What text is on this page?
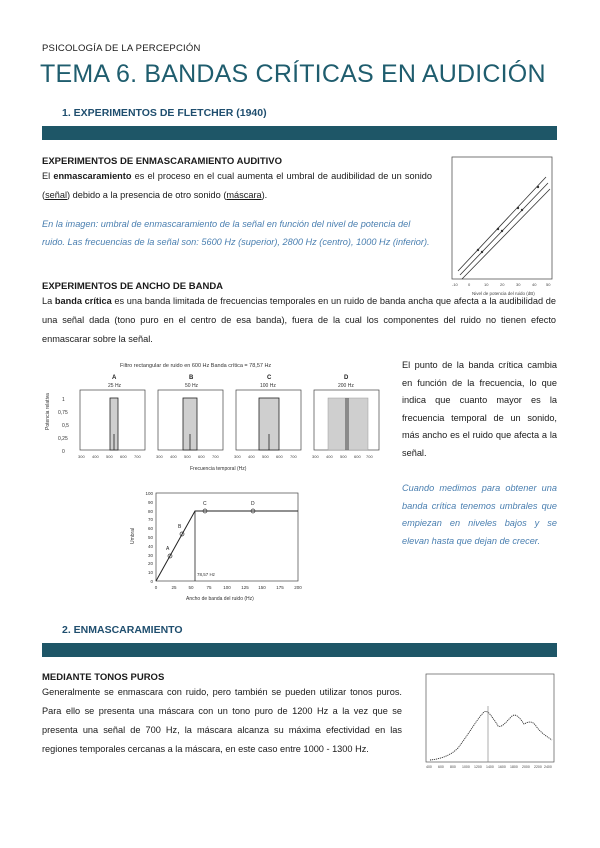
PSICOLOGÍA DE LA PERCEPCIÓN
TEMA 6. BANDAS CRÍTICAS EN AUDICIÓN
1. EXPERIMENTOS DE FLETCHER (1940)
EXPERIMENTOS DE ENMASCARAMIENTO AUDITIVO
El enmascaramiento es el proceso en el cual aumenta el umbral de audibilidad de un sonido (señal) debido a la presencia de otro sonido (máscara).
En la imagen: umbral de enmascaramiento de la señal en función del nivel de potencia del ruido. Las frecuencias de la señal son: 5600 Hz (superior), 2800 Hz (centro), 1000 Hz (inferior).
-10	0	10	20	30	40 50
Nivel de potencia del ruido (dB)
EXPERIMENTOS DE ANCHO DE BANDA
La banda crítica es una banda limitada de frecuencias temporales en un ruido de banda ancha que afecta a la audibilidad de una señal dada (tono puro en el centro de esa banda), fuera de la cual los componentes del ruido no tienen efecto enmascarar sobre la señal.
Filtro rectangular de ruido en 600 Hz Banda crítica = 78,57 Hz
Potencia relativa 1
0,75
0,5
0,25
0
A
25 Hz
300 400 500 600 700
B
50 Hz
300 400 500 600 700
C
100 Hz
300 400 500 600 700
D
200 Hz
300 400 500 600 700
Frecuencia temporal (Hz)
Umbral
100
90
80
70
60
50
40
30
20
10
0
78,57 Hz
A
B
C	D
0	25	50	75	100 125 150 175 200
Ancho de banda del ruido (Hz)
El punto de la banda crítica cambia en función de la frecuencia, lo que indica que cuanto mayor es la frecuencia temporal de un sonido, más ancho es el ruido que afecta a la señal.
Cuando medimos para obtener una banda crítica tenemos umbrales que empiezan en niveles bajos y se elevan hasta que dejan de crecer.
2. ENMASCARAMIENTO
MEDIANTE TONOS PUROS
Generalmente se enmascara con ruido, pero también se pueden utilizar tonos puros. Para ello se presenta una máscara con un tono puro de 1200 Hz a la vez que se presenta una señal de 700 Hz, la máscara alcanza su máxima efectividad en las regiones temporales cercanas a la máscara, en este caso entre 1000 - 1300 Hz.
400 600 800 1000 1200 1400 1600 1800 2000 2200 2400
